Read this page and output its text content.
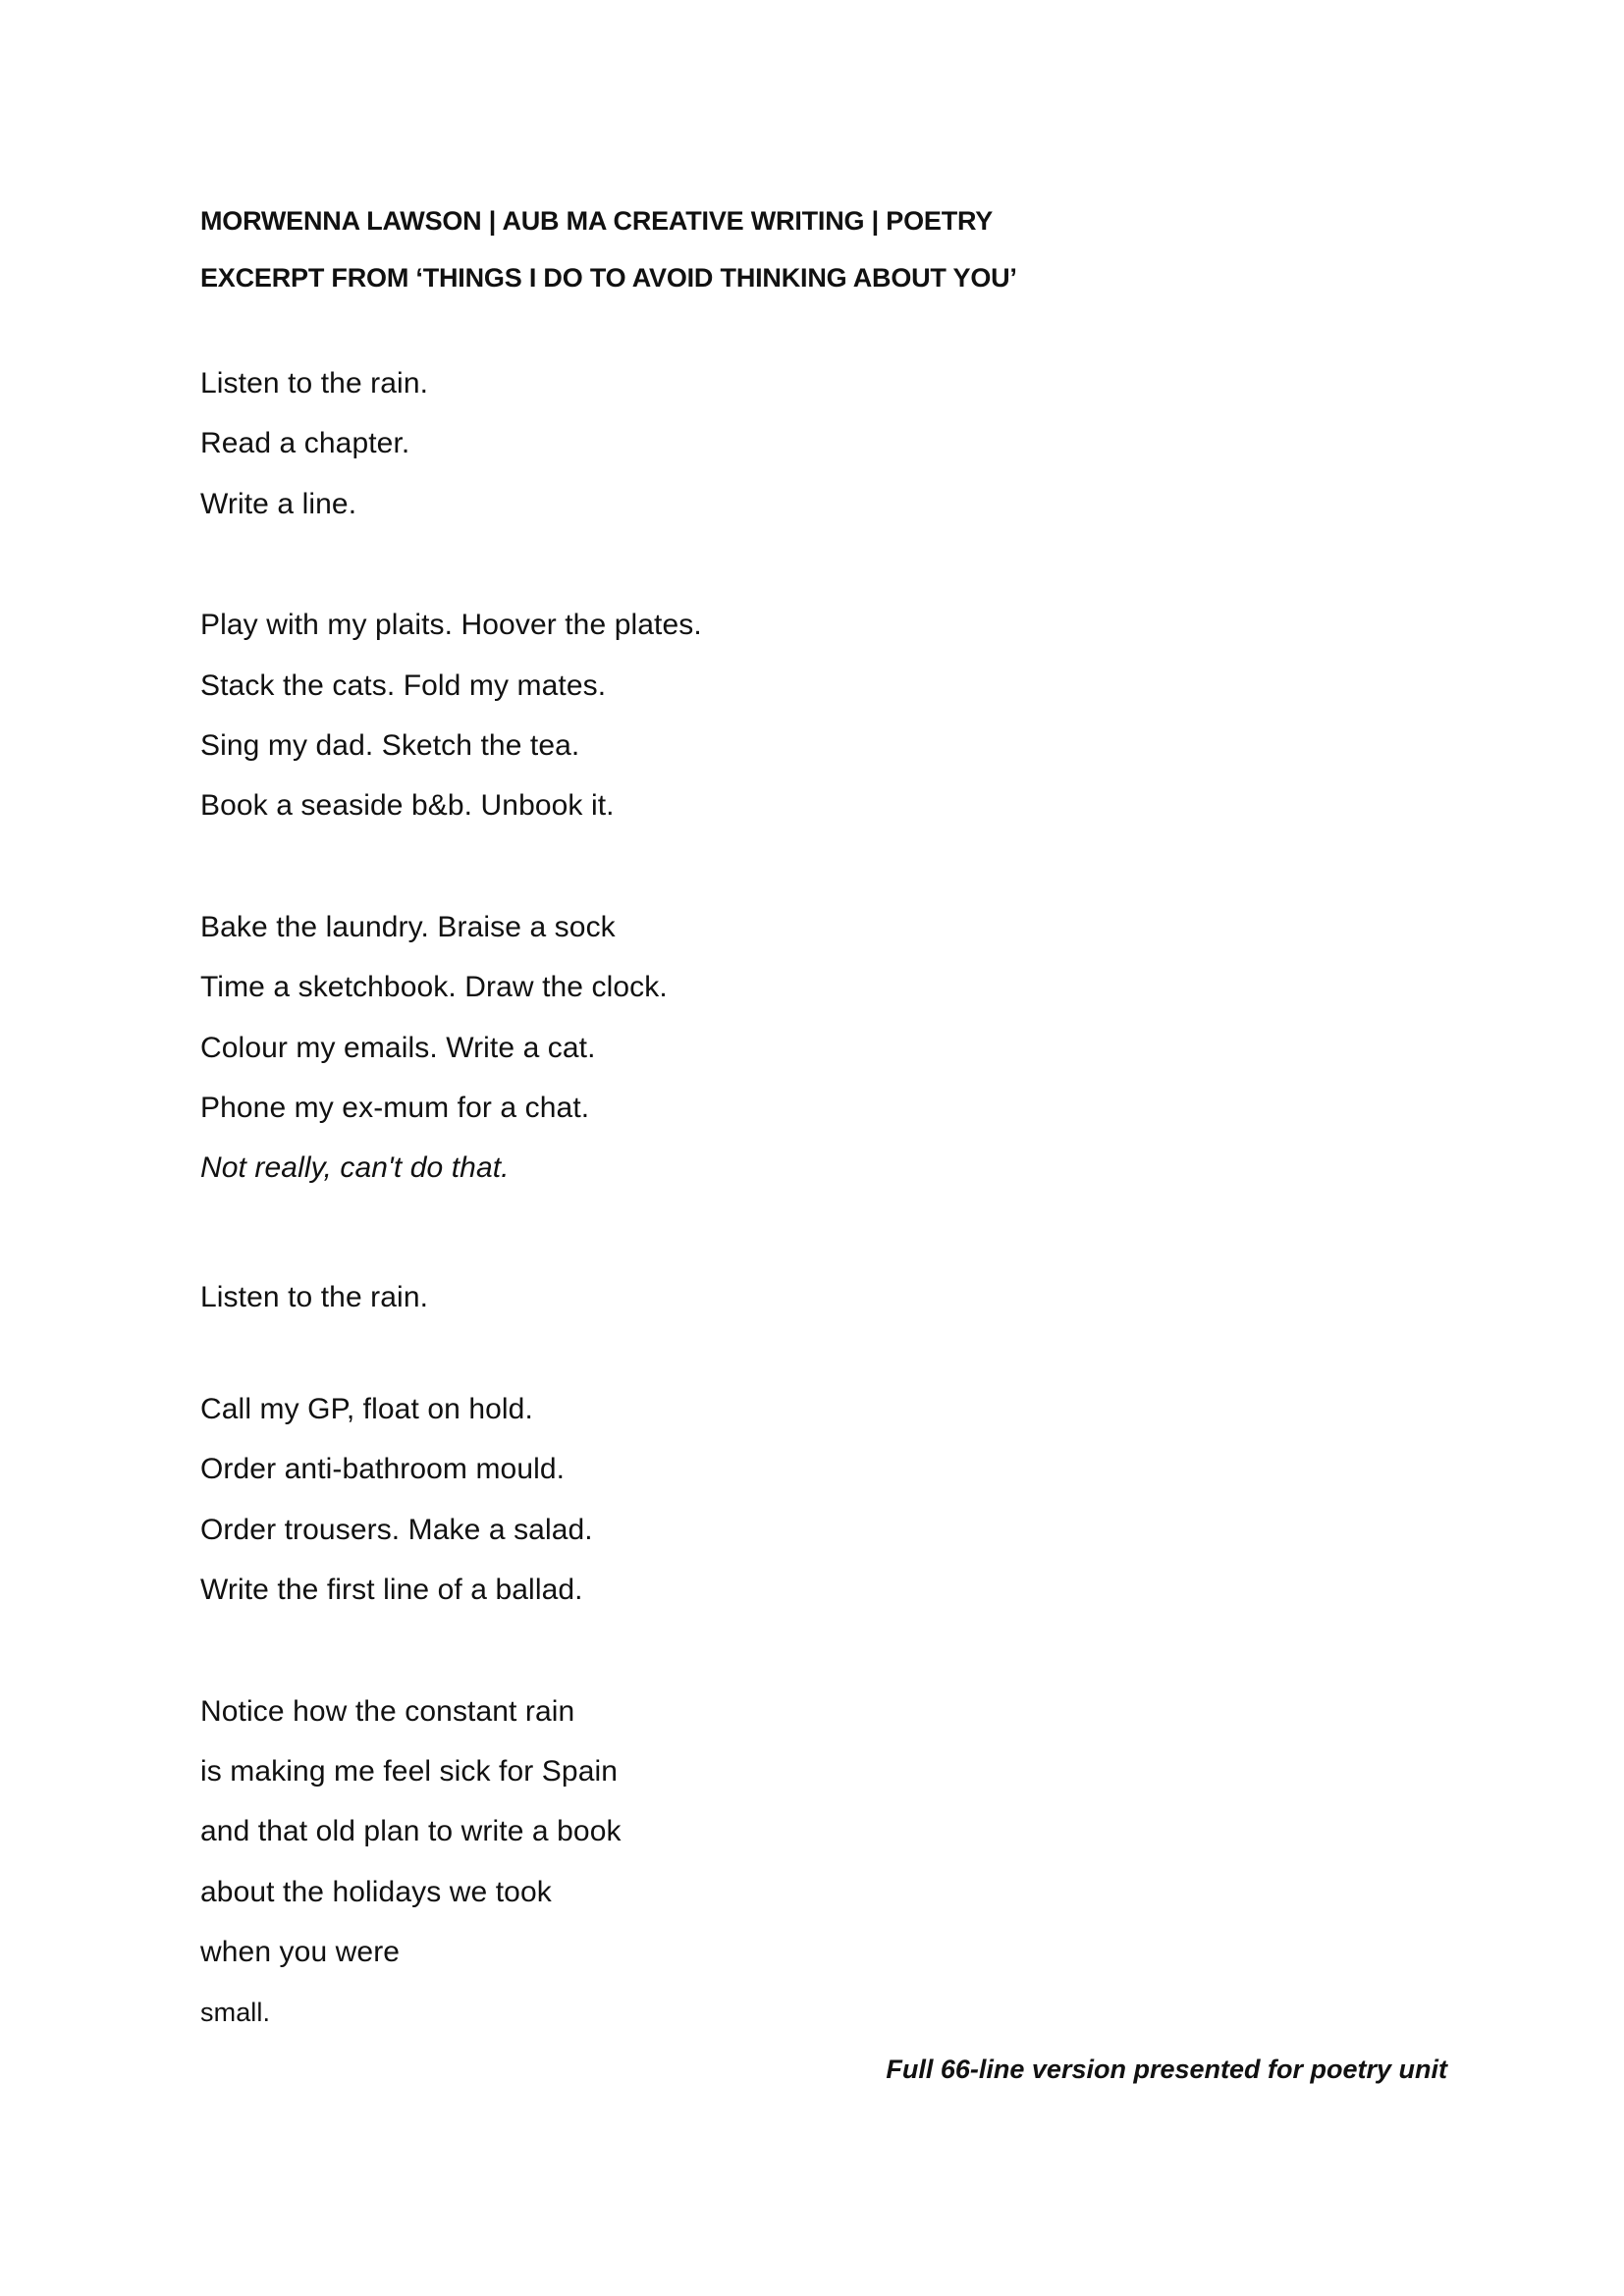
MORWENNA LAWSON | AUB MA CREATIVE WRITING | POETRY
EXCERPT FROM ‘THINGS I DO TO AVOID THINKING ABOUT YOU’
Listen to the rain.
Read a chapter.
Write a line.
Play with my plaits. Hoover the plates.
Stack the cats. Fold my mates.
Sing my dad. Sketch the tea.
Book a seaside b&b. Unbook it.
Bake the laundry. Braise a sock
Time a sketchbook. Draw the clock.
Colour my emails. Write a cat.
Phone my ex-mum for a chat.
Not really, can't do that.
Listen to the rain.
Call my GP, float on hold.
Order anti-bathroom mould.
Order trousers. Make a salad.
Write the first line of a ballad.
Notice how the constant rain
is making me feel sick for Spain
and that old plan to write a book
about the holidays we took
when you were
small.
Full 66-line version presented for poetry unit
